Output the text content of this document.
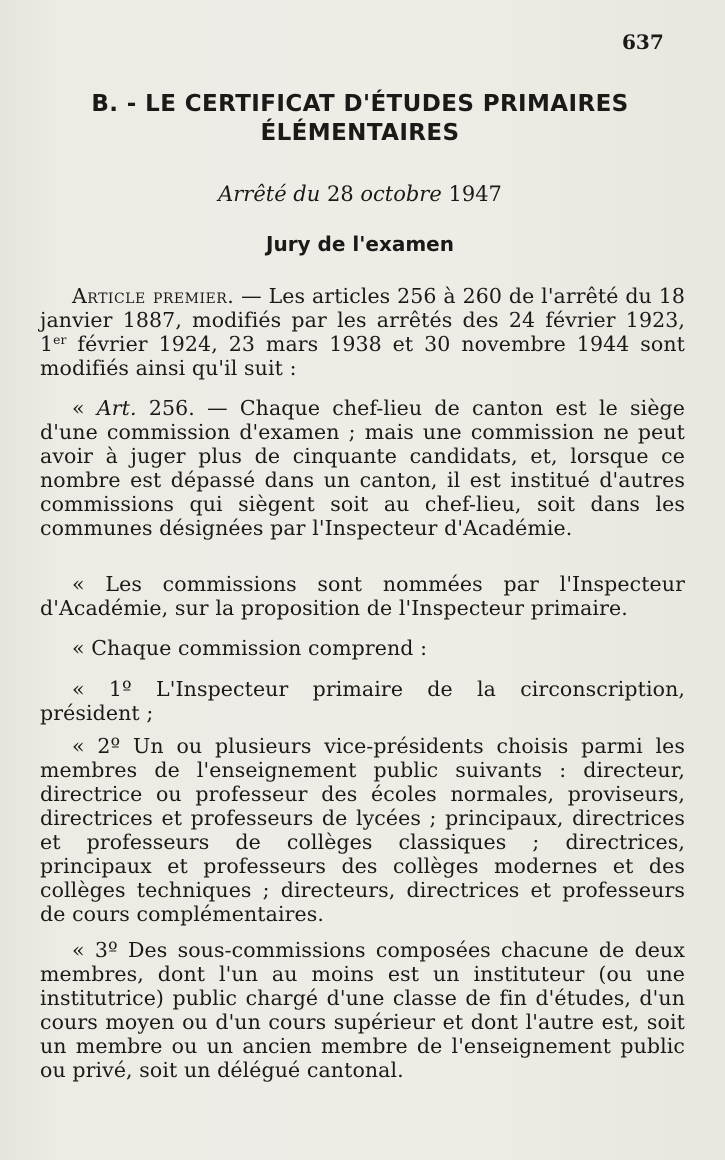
637
B. - LE CERTIFICAT D'ÉTUDES PRIMAIRES
ÉLÉMENTAIRES
Arrêté du 28 octobre 1947
Jury de l'examen

Article premier. — Les articles 256 à 260 de l'arrêté du 18 janvier 1887, modifiés par les arrêtés des 24 février 1923, 1er février 1924, 23 mars 1938 et 30 novembre 1944 sont modifiés ainsi qu'il suit :

« Art. 256. — Chaque chef-lieu de canton est le siège d'une commission d'examen ; mais une commission ne peut avoir à juger plus de cinquante candidats, et, lorsque ce nombre est dépassé dans un canton, il est institué d'autres commissions qui siègent soit au chef-lieu, soit dans les communes désignées par l'Inspecteur d'Académie.

« Les commissions sont nommées par l'Inspecteur d'Académie, sur la proposition de l'Inspecteur primaire.

« Chaque commission comprend :

« 1º L'Inspecteur primaire de la circonscription, président ;

« 2º Un ou plusieurs vice-présidents choisis parmi les membres de l'enseignement public suivants : directeur, directrice ou professeur des écoles normales, proviseurs, directrices et professeurs de lycées ; principaux, directrices et professeurs de collèges classiques ; directrices, principaux et professeurs des collèges modernes et des collèges techniques ; directeurs, directrices et professeurs de cours complémentaires.

« 3º Des sous-commissions composées chacune de deux membres, dont l'un au moins est un instituteur (ou une institutrice) public chargé d'une classe de fin d'études, d'un cours moyen ou d'un cours supérieur et dont l'autre est, soit un membre ou un ancien membre de l'enseignement public ou privé, soit un délégué cantonal.
